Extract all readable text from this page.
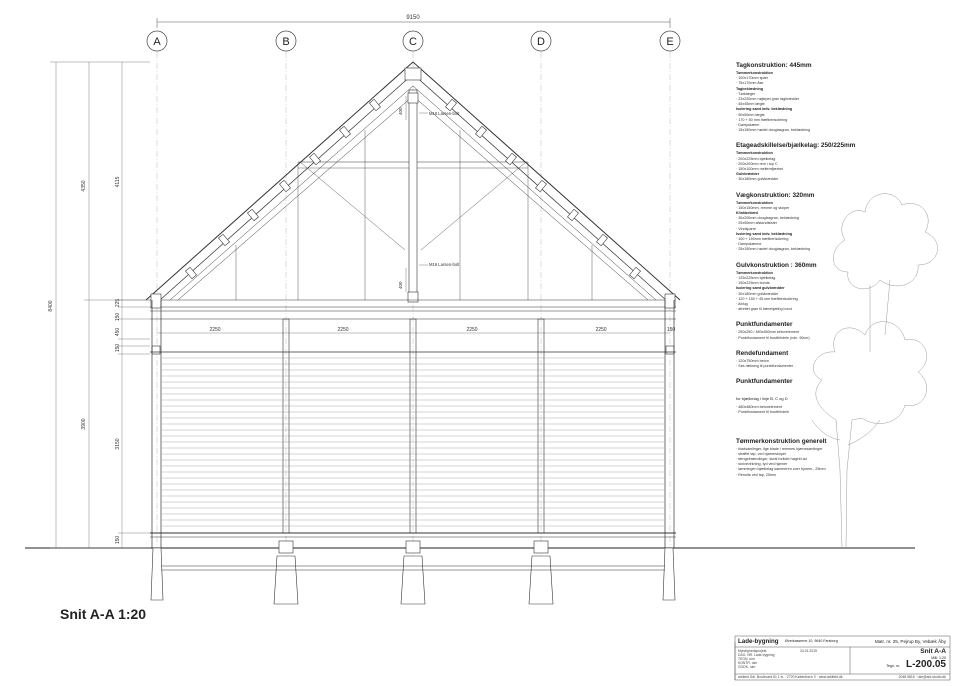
9150
A	B	C	D	E
400	M16 Larsen-bolt
400
M16 Larsen-bolt
2250	2250	2250	2250	150
8400
4350
3900
4115
225
150
450
150
3150
150
Snit A-A 1:20
Tagkonstruktion: 445mm
Tømmerkonstruktion
· 100x170mm spær
· 75x170mm åse
Tagbeklædning
· Tørklæger
· 23x220mm nøjlepet gran tagbrædder
· 45x45mm lægte
Isolering samt indv. beklædning
· 50x50mm lægte
· 170 + 50 mm træfiberisolering
· Dampskærm
· 15x150mm høvlet douglasgran, beklædning
Etageadskillelse/bjælkelag: 250/225mm
Tømmerkonstruktion
· 200x225mm bjælkelag
· 200x200mm rem i top C
· 150x100mm meltemfjærbet
Gulvbrædder
· 30x180mm gulvbrædder
Vægkonstruktion: 320mm
Tømmerkonstruktion
· 150x150mm, remme og stolper
Klinkbeklæd
· 30x200mm douglasgran, beklædning
· 25x50mm afstandslister
· Vindsparre
Isolering samt indv. beklædning
· 100 + 150mm træfiberisolering
· Dampskærme
· 25x150mm høvlet douglasgran, beklædning
Gulvkonstruktion : 360mm
Tømmerkonstruktion
· 125x225mm bjælkelag
· 150x225mm bunds
Isolering samt gulvbrædder
· 30x180mm gulvbrædder
· 120 + 150 + 45 mm træfiberisolering
· Afdug
· afrettet gran til bærebjælng bund
Punktfundamenter
· 250x250 / 480x480mm betonelement
· Punktfundament til frostfrihdele (min. 90cm)
Rendefundament
· 120x750mm beton
· Ses ræksing til punktfundamenter
Punktfundamenter
for bjælkelag i linje B, C og D
· 480x480mm betonelement
· Punktfundament til frostfrihdele
Tømmerkonstruktion generelt
· bladsamlinger, lige blade i remmes hjørnesamlinger
· straffet tap, ved hjørnestolper
· tængebrændinger, skrat forlidet hagebl ad
· skrivevirkning, tyd ved hjørner
· lømmingen bjælkelag kammeren over bjurem., 25mm
· Renuits ved tap, 25mm
Lade-bygning Øverkasserne 10, 9640 Farsborg	Matr. nr. 25, Pejrup By, Vebæk Åby
Snit A-A
Mål: 1:20
Tegn. nr. L-200.05
Myndighedsprojekt
DAG. NR. Lade-bygning
TEGN. ulm
KONTR. ulm
GODK. ulm
24.01.2019
arkitekt Sdr. Boulevard 81 1 tv. · 2720 København V · www.arkitekt.dk	2048 5816 · ulm@ark-studio.dk
